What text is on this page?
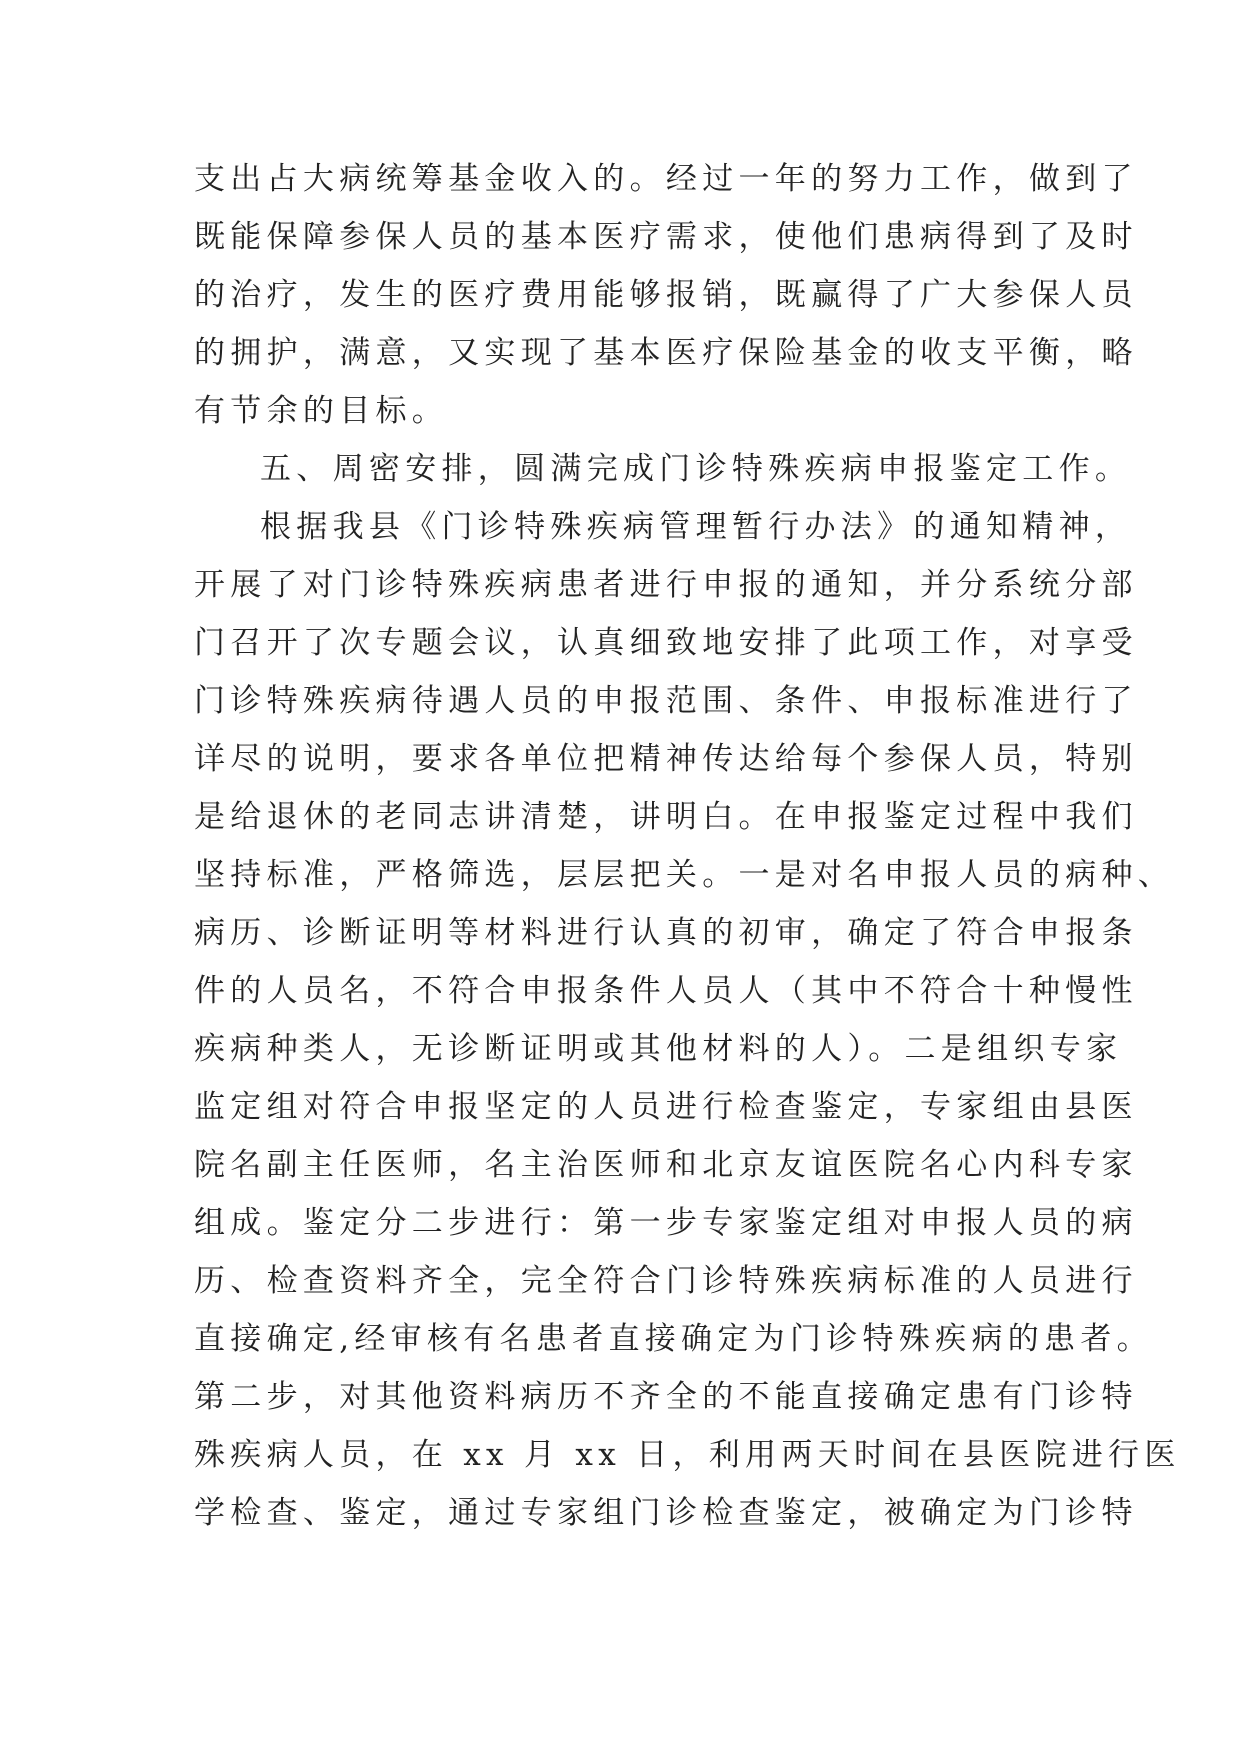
支出占大病统筹基金收入的。经过一年的努力工作，做到了
既能保障参保人员的基本医疗需求，使他们患病得到了及时
的治疗，发生的医疗费用能够报销，既赢得了广大参保人员
的拥护，满意，又实现了基本医疗保险基金的收支平衡，略
有节余的目标。
五、周密安排，圆满完成门诊特殊疾病申报鉴定工作。
根据我县《门诊特殊疾病管理暂行办法》的通知精神，
开展了对门诊特殊疾病患者进行申报的通知，并分系统分部
门召开了次专题会议，认真细致地安排了此项工作，对享受
门诊特殊疾病待遇人员的申报范围、条件、申报标准进行了
详尽的说明，要求各单位把精神传达给每个参保人员，特别
是给退休的老同志讲清楚，讲明白。在申报鉴定过程中我们
坚持标准，严格筛选，层层把关。一是对名申报人员的病种、
病历、诊断证明等材料进行认真的初审，确定了符合申报条
件的人员名，不符合申报条件人员人（其中不符合十种慢性
疾病种类人，无诊断证明或其他材料的人）。二是组织专家
监定组对符合申报坚定的人员进行检查鉴定，专家组由县医
院名副主任医师，名主治医师和北京友谊医院名心内科专家
组成。鉴定分二步进行：第一步专家鉴定组对申报人员的病
历、检查资料齐全，完全符合门诊特殊疾病标准的人员进行
直接确定,经审核有名患者直接确定为门诊特殊疾病的患者。
第二步，对其他资料病历不齐全的不能直接确定患有门诊特
殊疾病人员，在 xx 月 xx 日，利用两天时间在县医院进行医
学检查、鉴定，通过专家组门诊检查鉴定，被确定为门诊特
